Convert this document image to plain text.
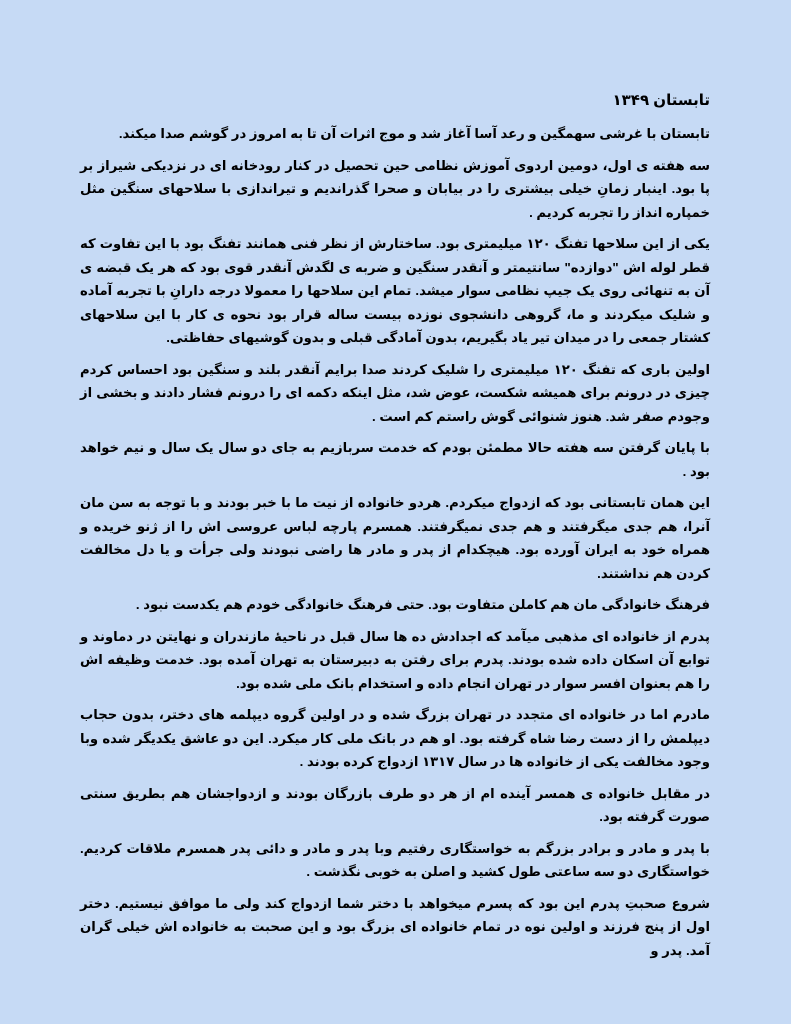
تابستان ۱۳۴۹

تابستان با غرشی سهمگین و رعد آسا آغاز شد و موج اثرات آن تا به امروز در گوشم صدا میکند.

سه هفته ی اول، دومین اردوی آموزش نظامی حین تحصیل در کنار رودخانه ای در نزدیکی شیراز بر پا بود. اینبار زمانِ خیلی بیشتری را در بیابان و صحرا گذراندیم و تیراندازی با سلاحهای سنگین مثل خمپاره انداز را تجربه کردیم .

یکی از این سلاحها تفنگ ۱۲۰ میلیمتری بود. ساختارش از نظر فنی همانند تفنگ بود با این تفاوت که قطر لوله اش "دوازده" سانتیمتر و آنقدر سنگین و ضربه ی لگدش آنقدر قوی بود که هر یک قبضه ی آن به تنهائی روی یک جیپ نظامی سوار میشد. تمام این سلاحها را معمولا درجه دارانِ با تجربه آماده و شلیک میکردند و ما، گروهی دانشجوی نوزده بیست ساله قرار بود نحوه ی کار با این سلاحهای کشتار جمعی را در میدان تیر یاد بگیریم، بدون آمادگی قبلی و بدون گوشیهای حفاظتی.

اولین باری که تفنگ ۱۲۰ میلیمتری را شلیک کردند صدا برایم آنقدر بلند و سنگین بود احساس کردم چیزی در درونم برای همیشه شکست، عوض شد، مثل اینکه دکمه ای را درونم فشار دادند و بخشی از وجودم صفر شد. هنوز شنوائی گوش راستم کم است .

با پایان گرفتن سه هفته حالا مطمئن بودم که خدمت سربازیم به جای دو سال یک سال و نیم خواهد بود .

این همان تابستانی بود که ازدواج میکردم. هردو خانواده از نیت ما با خبر بودند و با توجه به سن مان آنرا، هم جدی میگرفتند و هم جدی نمیگرفتند. همسرم پارچه لباس عروسی اش را از ژنو خریده و همراه خود به ایران آورده بود. هیچکدام از پدر و مادر ها راضی نبودند ولی جرأت و یا دل مخالفت کردن هم نداشتند.

فرهنگ خانوادگی مان هم کاملن متفاوت بود. حتی فرهنگ خانوادگی خودم هم یکدست نبود .

پدرم از خانواده ای مذهبی میآمد که اجدادش ده ها سال قبل در ناحیهٔ مازندران و نهایتن در دماوند و توابع آن اسکان داده شده بودند. پدرم برای رفتن به دبیرستان به تهران آمده بود. خدمت وظیفه اش را هم بعنوان افسر سوار در تهران انجام داده و استخدام بانک ملی شده بود.

مادرم اما در خانواده ای متجدد در تهران بزرگ شده و در اولین گروه دیپلمه های دختر، بدون حجاب دیپلمش را از دست رضا شاه گرفته بود. او هم در بانک ملی کار میکرد. این دو عاشق یکدیگر شده وبا وجود مخالفت یکی از خانواده ها در سال ۱۳۱۷ ازدواج کرده بودند .

در مقابل خانواده ی همسر آینده ام از هر دو طرف بازرگان بودند و ازدواجشان هم بطریق سنتی صورت گرفته بود.

با پدر و مادر و برادر بزرگم به خواستگاری رفتیم وبا پدر و مادر و دائی پدر همسرم ملاقات کردیم. خواستگاری دو سه ساعتی طول کشید و اصلن به خوبی نگذشت .

شروع صحبتِ پدرم این بود که پسرم میخواهد با دختر شما ازدواج کند ولی ما موافق نیستیم. دختر اول از پنج فرزند و اولین نوه در تمام خانواده ای بزرگ بود و این صحبت به خانواده اش خیلی گران آمد. پدر و
